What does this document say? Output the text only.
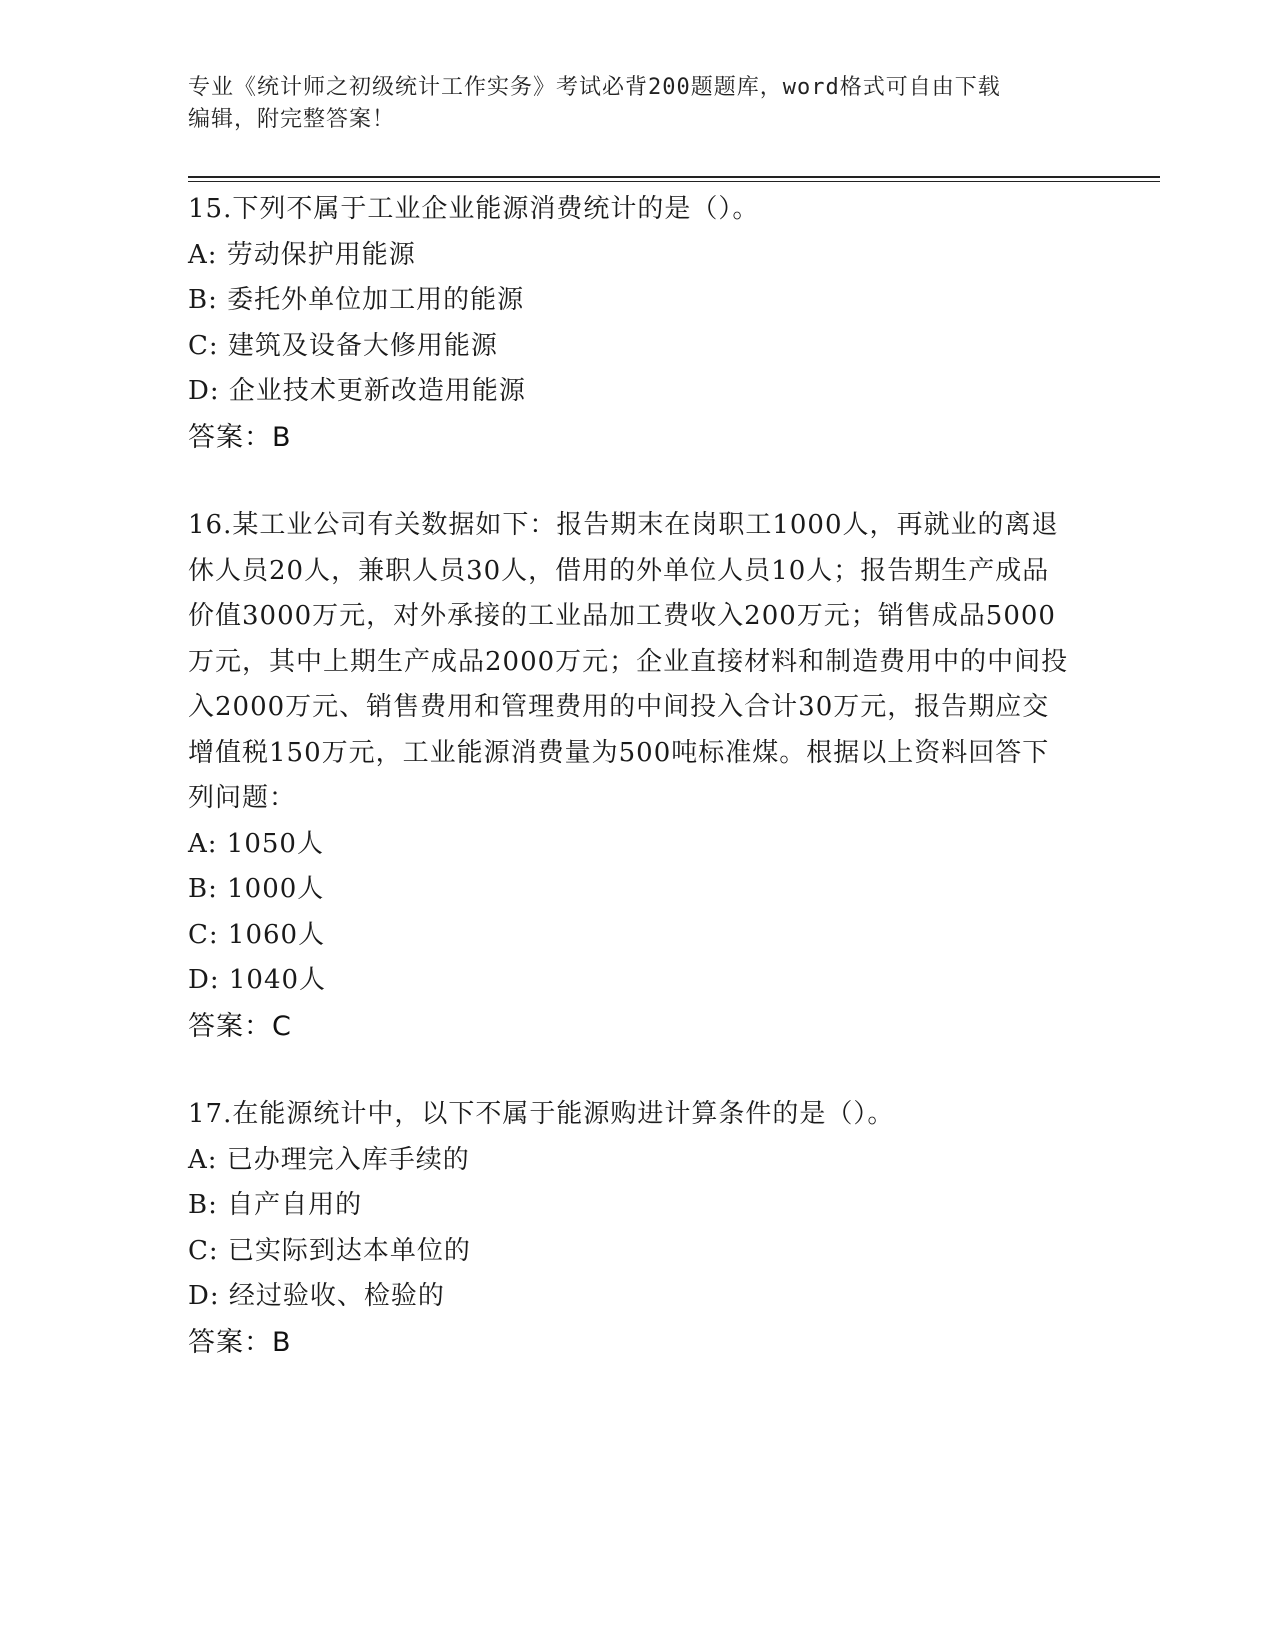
专业《统计师之初级统计工作实务》考试必背200题题库，word格式可自由下载
编辑，附完整答案！

15.下列不属于工业企业能源消费统计的是（）。

A: 劳动保护用能源

B: 委托外单位加工用的能源

C: 建筑及设备大修用能源

D: 企业技术更新改造用能源

答案：B

16.某工业公司有关数据如下：报告期末在岗职工1000人，再就业的离退休人员20人，兼职人员30人，借用的外单位人员10人；报告期生产成品价值3000万元，对外承接的工业品加工费收入200万元；销售成品5000万元，其中上期生产成品2000万元；企业直接材料和制造费用中的中间投入2000万元、销售费用和管理费用的中间投入合计30万元，报告期应交增值税150万元，工业能源消费量为500吨标准煤。根据以上资料回答下列问题：

A: 1050人

B: 1000人

C: 1060人

D: 1040人

答案：C

17.在能源统计中，以下不属于能源购进计算条件的是（）。

A: 已办理完入库手续的

B: 自产自用的

C: 已实际到达本单位的

D: 经过验收、检验的

答案：B
